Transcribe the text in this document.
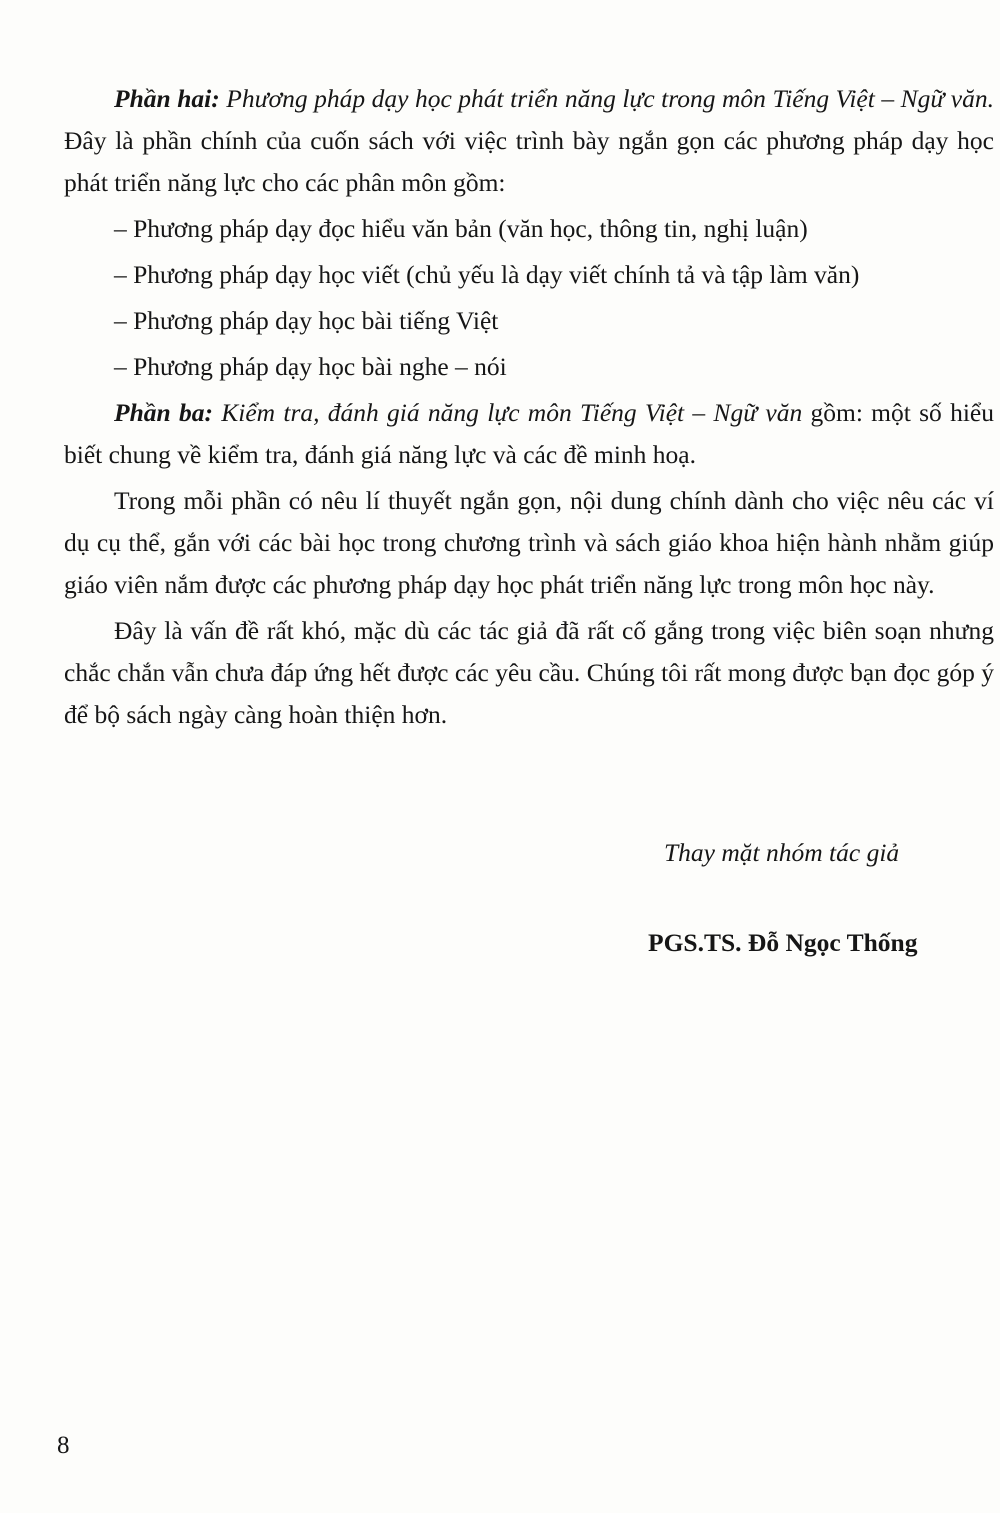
Phần hai: Phương pháp dạy học phát triển năng lực trong môn Tiếng Việt – Ngữ văn. Đây là phần chính của cuốn sách với việc trình bày ngắn gọn các phương pháp dạy học phát triển năng lực cho các phân môn gồm:

– Phương pháp dạy đọc hiểu văn bản (văn học, thông tin, nghị luận)

– Phương pháp dạy học viết (chủ yếu là dạy viết chính tả và tập làm văn)

– Phương pháp dạy học bài tiếng Việt

– Phương pháp dạy học bài nghe – nói

Phần ba: Kiểm tra, đánh giá năng lực môn Tiếng Việt – Ngữ văn gồm: một số hiểu biết chung về kiểm tra, đánh giá năng lực và các đề minh hoạ.

Trong mỗi phần có nêu lí thuyết ngắn gọn, nội dung chính dành cho việc nêu các ví dụ cụ thể, gắn với các bài học trong chương trình và sách giáo khoa hiện hành nhằm giúp giáo viên nắm được các phương pháp dạy học phát triển năng lực trong môn học này.

Đây là vấn đề rất khó, mặc dù các tác giả đã rất cố gắng trong việc biên soạn nhưng chắc chắn vẫn chưa đáp ứng hết được các yêu cầu. Chúng tôi rất mong được bạn đọc góp ý để bộ sách ngày càng hoàn thiện hơn.

Thay mặt nhóm tác giả
PGS.TS. Đỗ Ngọc Thống
8
